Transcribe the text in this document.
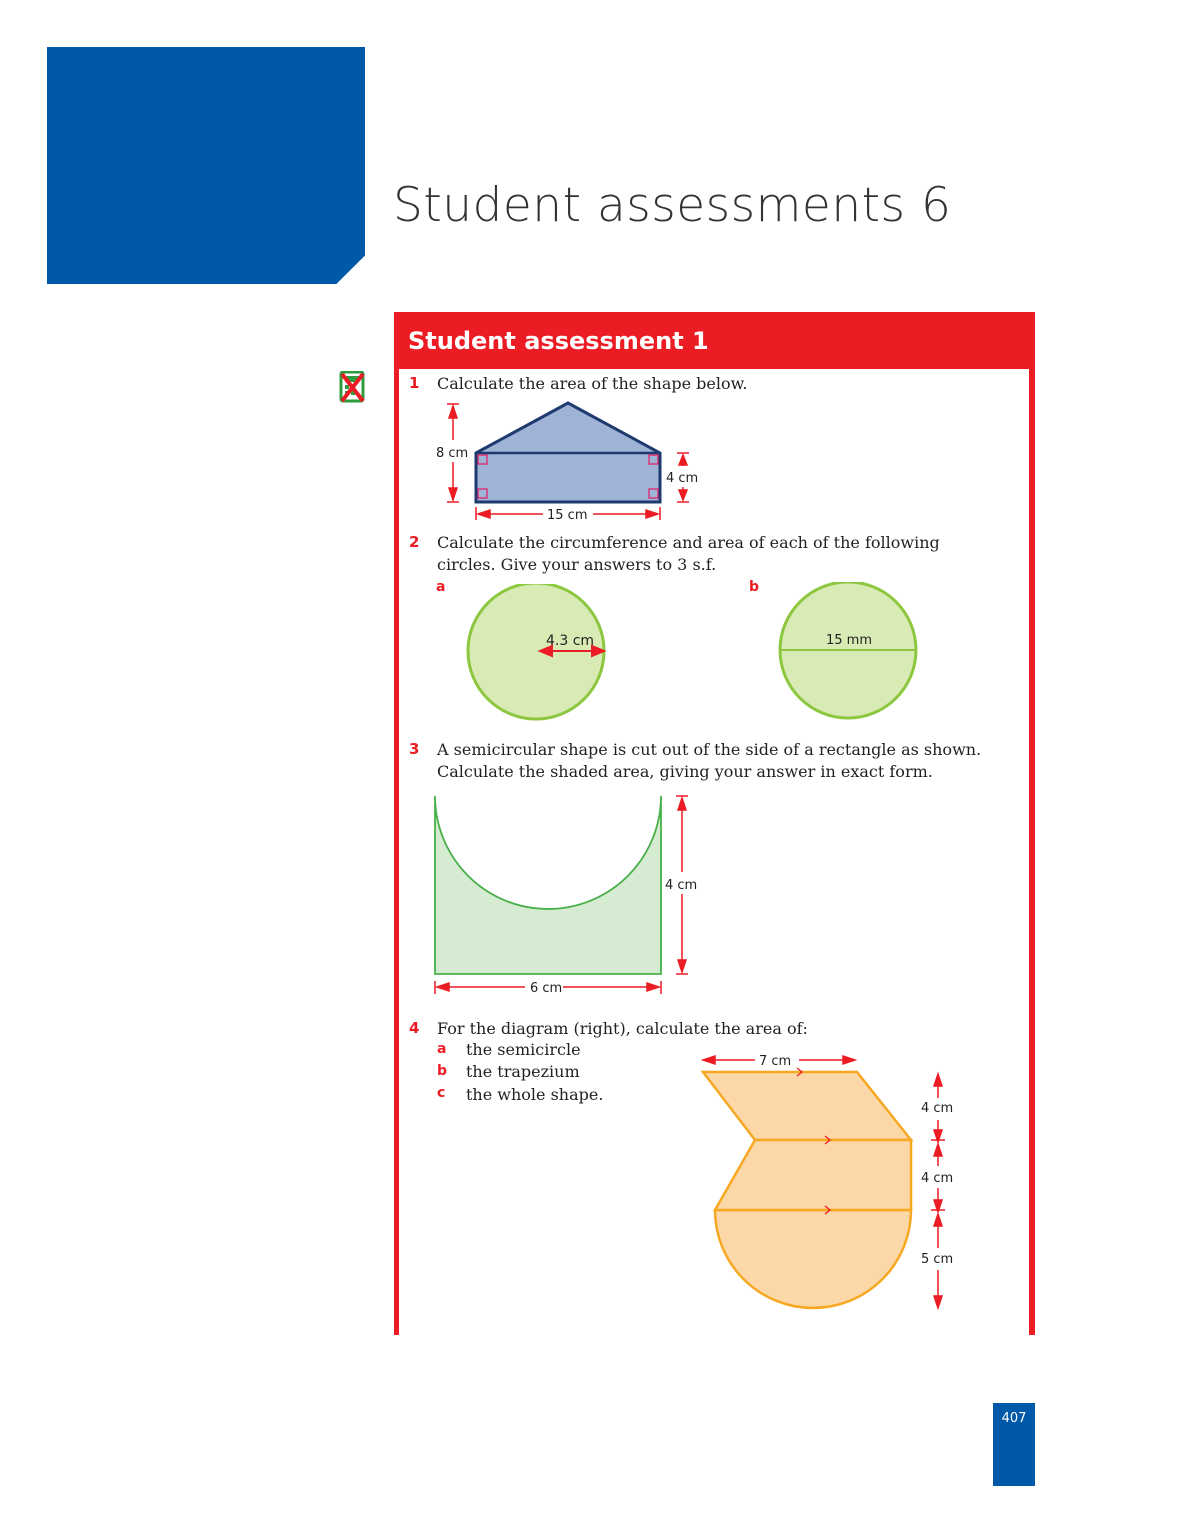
Student assessments 6
Student assessment 1
1 Calculate the area of the shape below.
8 cm
4 cm
15 cm
2 Calculate the circumference and area of each of the following circles. Give your answers to 3 s.f.
a	b
4.3 cm	15 mm
3 A semicircular shape is cut out of the side of a rectangle as shown. Calculate the shaded area, giving your answer in exact form.
4 cm
6 cm
4 For the diagram (right), calculate the area of:
a the semicircle
b the trapezium
c the whole shape.
7 cm
4 cm
4 cm
5 cm
407
